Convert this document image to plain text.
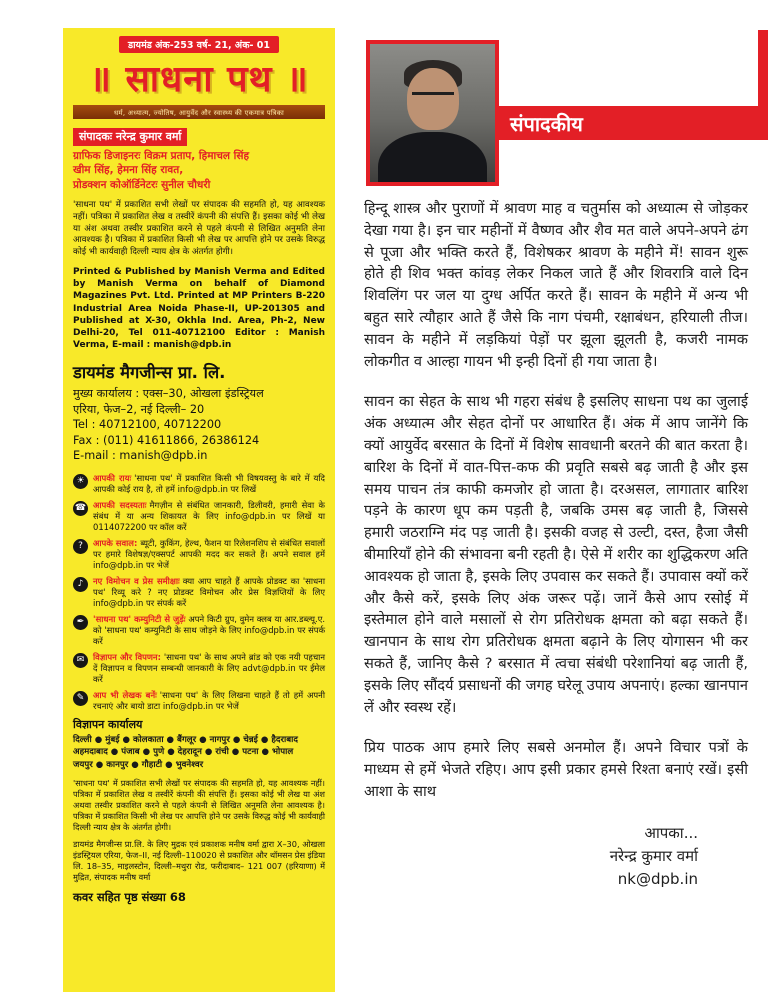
डायमंड अंक-253 वर्ष- 21, अंक- 01
॥ साधना पथ ॥
धर्म, अध्यात्म, ज्योतिष, आयुर्वेद और स्वास्थ्य की एकमात्र पत्रिका
संपादकः नरेन्द्र कुमार वर्मा
ग्राफिक डिजाइनरः विक्रम प्रताप, हिमाचल सिंह
खीम सिंह, हेमना सिंह रावत,
प्रोडक्शन कोऑर्डिनेटरः सुनील चौधरी

'साधना पथ' में प्रकाशित सभी लेखों पर संपादक की सहमति हो, यह आवश्यक नहीं। पत्रिका में प्रकाशित लेख व तस्वीरें कंपनी की संपत्ति हैं। इसका कोई भी लेख या अंश अथवा तस्वीर प्रकाशित करने से पहले कंपनी से लिखित अनुमति लेना आवश्यक है। पत्रिका में प्रकाशित किसी भी लेख पर आपत्ति होने पर उसके विरुद्ध कोई भी कार्यवाही दिल्ली न्याय क्षेत्र के अंतर्गत होगी।

Printed & Published by Manish Verma and Edited by Manish Verma on behalf of Diamond Magazines Pvt. Ltd. Printed at MP Printers B-220 Industrial Area Noida Phase-II, UP-201305 and Published at X-30, Okhla Ind. Area, Ph-2, New Delhi-20, Tel 011-40712100 Editor : Manish Verma, E-mail : manish@dpb.in

डायमंड मैगजीन्स प्रा. लि.
मुख्य कार्यालय : एक्स–30, ओखला इंडस्ट्रियल
एरिया, फेज–2, नई दिल्ली– 20
Tel : 40712100, 40712200
Fax : (011) 41611866, 26386124
E-mail : manish@dpb.in
☀	आपकी रायः 'साधना पथ' में प्रकाशित किसी भी विषयवस्तु के बारे में यदि आपकी कोई राय है, तो हमें info@dpb.in पर लिखें

☎ आपकी सदस्यताः मैगज़ीन से संबंधित जानकारी, डिलीवरी, हमारी सेवा के संबंध में या अन्य शिकायत के लिए info@dpb.in पर लिखें या 0114072200 पर कॉल करें

?	आपके सवाल: ब्यूटी, कुकिंग, हेल्थ, फैशन या रिलेशनशिप से संबंधित सवालों पर हमारे विशेषज्ञ/एक्सपर्ट आपकी मदद कर सकते हैं। अपने सवाल हमें info@dpb.in पर भेजें

♪	नए विमोचन व प्रेस समीक्षाः क्या आप चाहते हैं आपके प्रोडक्ट का 'साधना पथ' रिव्यू करे ? नए प्रोडक्ट विमोचन और प्रेस विज्ञप्तियों के लिए info@dpb.in पर संपर्क करें

✒	'साधना पथ' कम्युनिटी से जुड़ेंः अपने किटी ग्रुप, वुमेन क्लब या आर.डब्ल्यू.ए. को 'साधना पथ' कम्युनिटी के साथ जोड़ने के लिए info@dpb.in पर संपर्क करें

✉	विज्ञापन और विपणन: 'साधना पथ' के साथ अपने ब्रांड को एक नयी पहचान दें विज्ञापन व विपणन सम्बन्धी जानकारी के लिए advt@dpb.in पर ईमेल करें

✎	आप भी लेखक बनेंः 'साधना पथ' के लिए लिखना चाहते हैं तो हमें अपनी रचनाएं और बायो डाटा info@dpb.in पर भेजें

विज्ञापन कार्यालय
दिल्ली ● मुंबई ● कोलकाता ● बैंगलूर ● नागपुर ● चेन्नई ● हैदराबाद
अहमदाबाद ● पंजाब ● पुणे ● देहरादून ● रांची ● पटना ● भोपाल
जयपुर ● कानपुर ● गौहाटी ● भुवनेश्वर

'साधना पथ' में प्रकाशित सभी लेखों पर संपादक की सहमति हो, यह आवश्यक नहीं। पत्रिका में प्रकाशित लेख व तस्वीरें कंपनी की संपत्ति हैं। इसका कोई भी लेख या अंश अथवा तस्वीर प्रकाशित करने से पहले कंपनी से लिखित अनुमति लेना आवश्यक है। पत्रिका में प्रकाशित किसी भी लेख पर आपत्ति होने पर उसके विरुद्ध कोई भी कार्यवाही दिल्ली न्याय क्षेत्र के अंतर्गत होगी।

डायमंड मैगजीन्स प्रा.लि. के लिए मुद्रक एवं प्रकाशक मनीष वर्मा द्वारा X–30, ओखला इंडस्ट्रियल एरिया, फेज–II, नई दिल्ली–110020 से प्रकाशित और थॉमसन प्रेस इंडिया लि. 18–35, माइलस्टोन, दिल्ली–मथुरा रोड, फरीदाबाद– 121 007 (हरियाणा) में मुद्रित, संपादक मनीष वर्मा

कवर सहित पृष्ठ संख्या 68
संपादकीय

हिन्दू शास्त्र और पुराणों में श्रावण माह व चतुर्मास को अध्यात्म से जोड़कर देखा गया है। इन चार महीनों में वैष्णव और शैव मत वाले अपने-अपने ढंग से पूजा और भक्ति करते हैं, विशेषकर श्रावण के महीने में! सावन शुरू होते ही शिव भक्त कांवड़ लेकर निकल जाते हैं और शिवरात्रि वाले दिन शिवलिंग पर जल या दुग्ध अर्पित करते हैं। सावन के महीने में अन्य भी बहुत सारे त्यौहार आते हैं जैसे कि नाग पंचमी, रक्षाबंधन, हरियाली तीज। सावन के महीने में लड़कियां पेड़ों पर झूला झूलती है, कजरी नामक लोकगीत व आल्हा गायन भी इन्ही दिनों ही गया जाता है।

सावन का सेहत के साथ भी गहरा संबंध है इसलिए साधना पथ का जुलाई अंक अध्यात्म और सेहत दोनों पर आधारित हैं। अंक में आप जानेंगे कि क्यों आयुर्वेद बरसात के दिनों में विशेष सावधानी बरतने की बात करता है। बारिश के दिनों में वात-पित्त-कफ की प्रवृति सबसे बढ़ जाती है और इस समय पाचन तंत्र काफी कमजोर हो जाता है। दरअसल, लागातार बारिश पड़ने के कारण धूप कम पड़ती है, जबकि उमस बढ़ जाती है, जिससे हमारी जठराग्नि मंद पड़ जाती है। इसकी वजह से उल्टी, दस्त, हैजा जैसी बीमारियाँ होने की संभावना बनी रहती है। ऐसे में शरीर का शुद्धिकरण अति आवश्यक हो जाता है, इसके लिए उपवास कर सकते हैं। उपावास क्यों करें और कैसे करें, इसके लिए अंक जरूर पढ़ें। जानें कैसे आप रसोई में इस्तेमाल होने वाले मसालों से रोग प्रतिरोधक क्षमता को बढ़ा सकते हैं। खानपान के साथ रोग प्रतिरोधक क्षमता बढ़ाने के लिए योगासन भी कर सकते हैं, जानिए कैसे ? बरसात में त्वचा संबंधी परेशानियां बढ़ जाती हैं, इसके लिए सौंदर्य प्रसाधनों की जगह घरेलू उपाय अपनाएं। हल्का खानपान लें और स्वस्थ रहें।

प्रिय पाठक आप हमारे लिए सबसे अनमोल हैं। अपने विचार पत्रों के माध्यम से हमें भेजते रहिए। आप इसी प्रकार हमसे रिश्ता बनाएं रखें। इसी आशा के साथ

आपका...
नरेन्द्र कुमार वर्मा
nk@dpb.in
